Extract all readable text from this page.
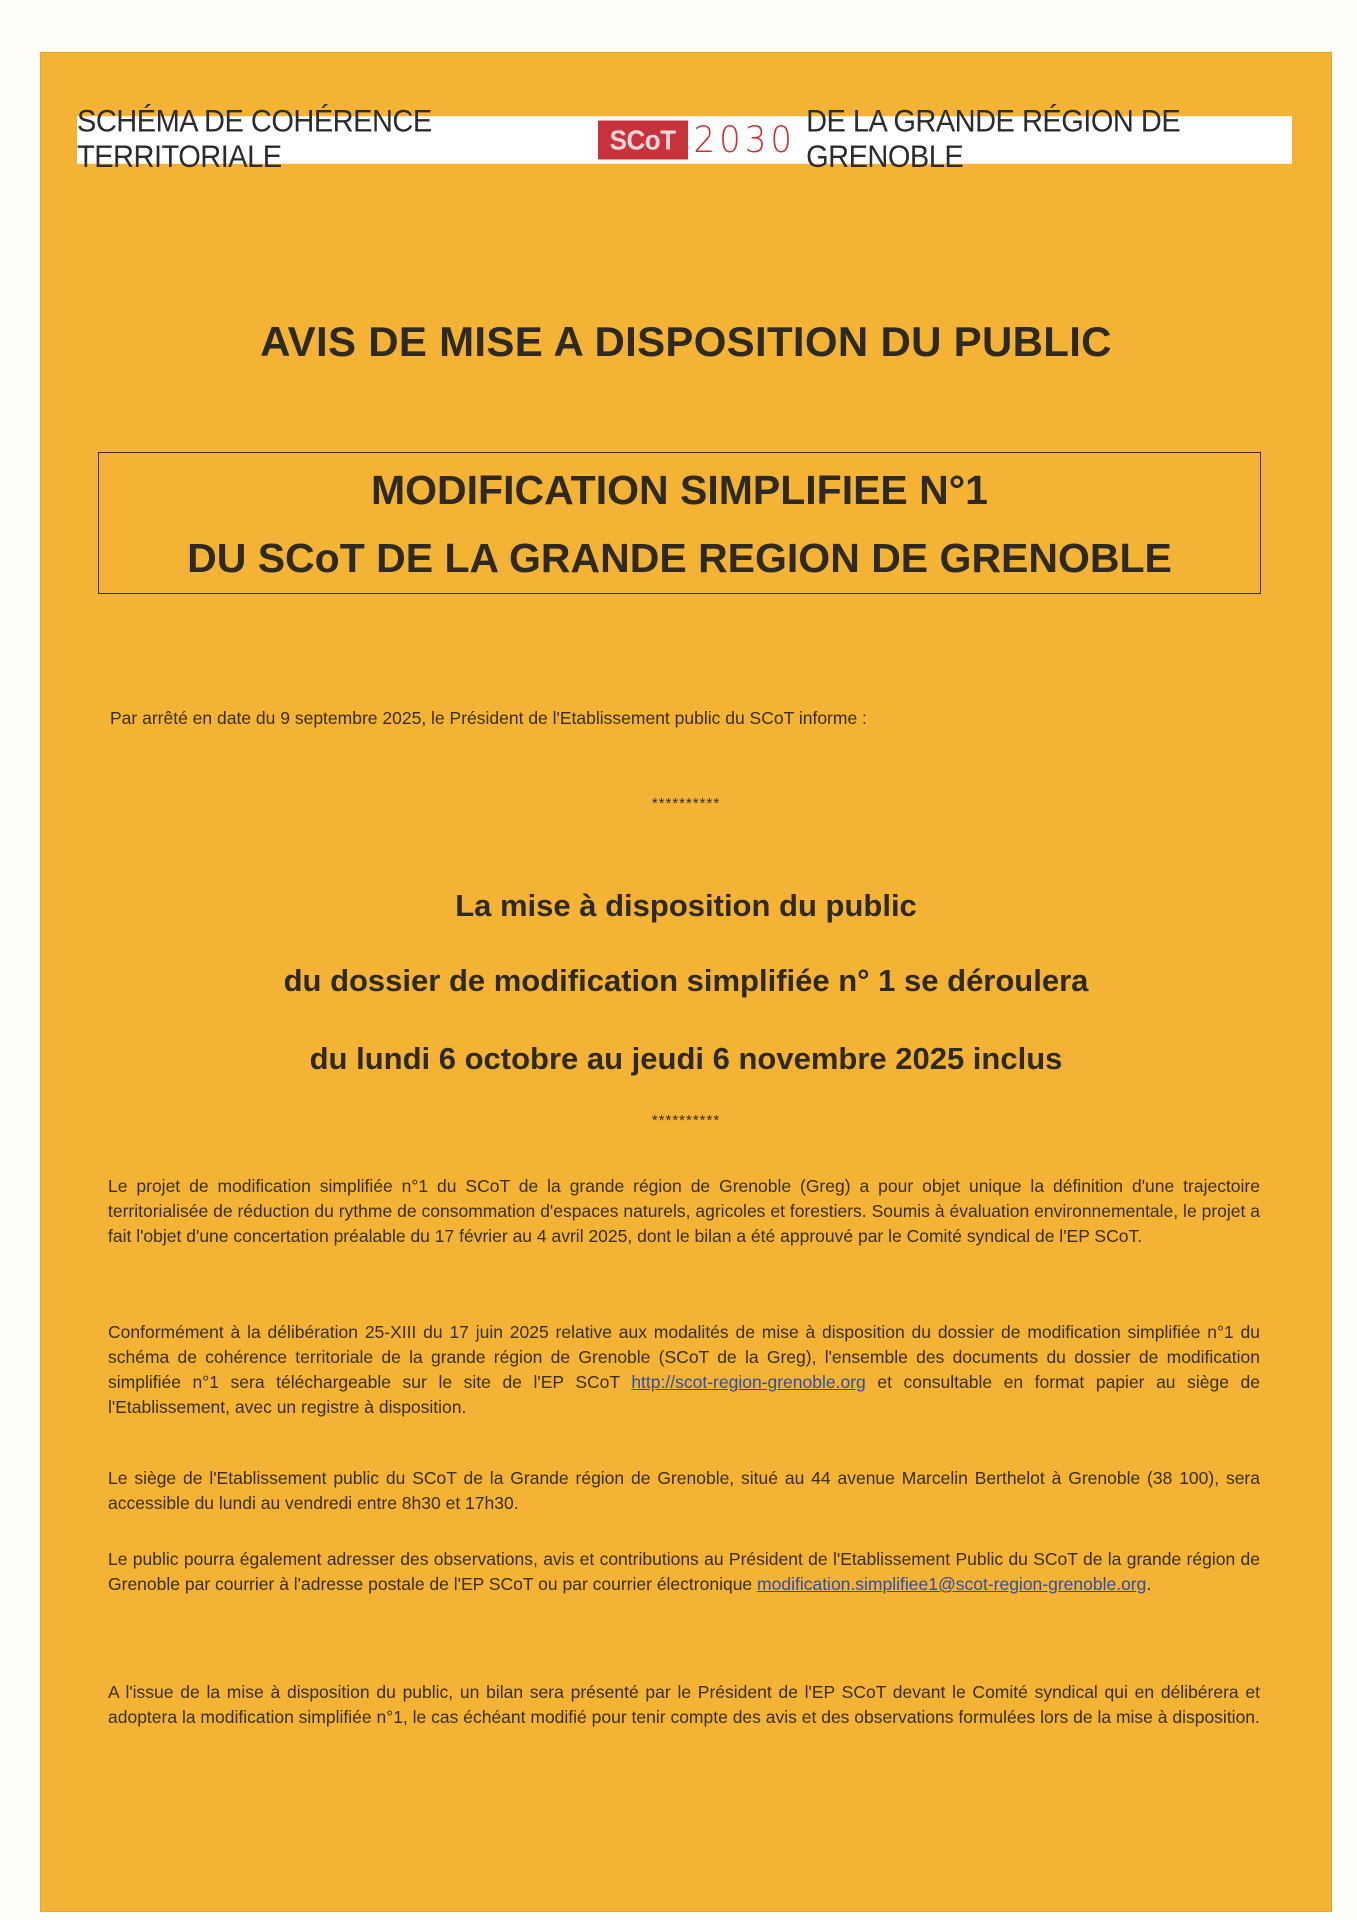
SCHÉMA DE COHÉRENCE TERRITORIALE
SCoT 2030 DE LA GRANDE RÉGION DE GRENOBLE
AVIS DE MISE A DISPOSITION DU PUBLIC
MODIFICATION SIMPLIFIEE N°1
DU SCoT DE LA GRANDE REGION DE GRENOBLE
Par arrêté en date du 9 septembre 2025, le Président de l'Etablissement public du SCoT informe :
**********
La mise à disposition du public
du dossier de modification simplifiée n° 1 se déroulera
du lundi 6 octobre au jeudi 6 novembre 2025 inclus
**********
Le projet de modification simplifiée n°1 du SCoT de la grande région de Grenoble (Greg) a pour objet unique la définition d'une trajectoire territorialisée de réduction du rythme de consommation d'espaces naturels, agricoles et forestiers. Soumis à évaluation environnementale, le projet a fait l'objet d'une concertation préalable du 17 février au 4 avril 2025, dont le bilan a été approuvé par le Comité syndical de l'EP SCoT.
Conformément à la délibération 25-XIII du 17 juin 2025 relative aux modalités de mise à disposition du dossier de modification simplifiée n°1 du schéma de cohérence territoriale de la grande région de Grenoble (SCoT de la Greg), l'ensemble des documents du dossier de modification simplifiée n°1 sera téléchargeable sur le site de l'EP SCoT http://scot-region-grenoble.org et consultable en format papier au siège de l'Etablissement, avec un registre à disposition.
Le siège de l'Etablissement public du SCoT de la Grande région de Grenoble, situé au 44 avenue Marcelin Berthelot à Grenoble (38 100), sera accessible du lundi au vendredi entre 8h30 et 17h30.
Le public pourra également adresser des observations, avis et contributions au Président de l'Etablissement Public du SCoT de la grande région de Grenoble par courrier à l'adresse postale de l'EP SCoT ou par courrier électronique modification.simplifiee1@scot-region-grenoble.org.
A l'issue de la mise à disposition du public, un bilan sera présenté par le Président de l'EP SCoT devant le Comité syndical qui en délibérera et adoptera la modification simplifiée n°1, le cas échéant modifié pour tenir compte des avis et des observations formulées lors de la mise à disposition.
